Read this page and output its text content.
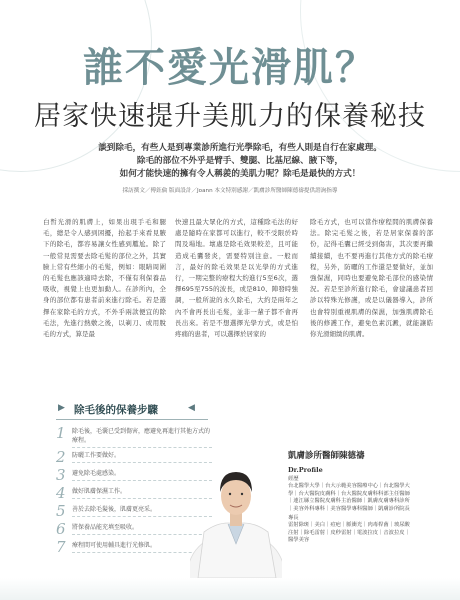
誰不愛光滑肌？
居家快速提升美肌力的保養秘技
談到除毛，有些人是到專業診所進行光學除毛，有些人則是自行在家處理。
除毛的部位不外乎是臂手、雙腿、比基尼線、腋下等，
如何才能快速的擁有令人稱羨的美肌力呢？除毛是最快的方式！
採訪撰文／傅鈺倫 版面設計／Joann 本文特別感謝／凱膚診所醫師陳德禱提供諮詢指導
白皙光滑的肌膚上，如果出現手毛和腿毛，總是令人感到困擾，抬起手來看見腋下的除毛，都容易讓女性感到尷尬。除了一般常見需要去除毛髮的部位之外，其實臉上常有些細小的毛髮，例如：眼睛周圍的毛髮也應該適時去除，不僅有利保養品吸收，視覺上也更加動人。在診所內，全身的部位都有患者前來進行除毛。若是選擇在家除毛的方式，不外乎兩款便宜的除毛法，先進行熱敷之後，以剃刀、或用脫毛的方式，算是最
快速且最大眾化的方式，這種除毛法的好處是隨時在家都可以進行，較不受限於時間及場地。壞處是除毛效果較差，且可能造成毛囊發炎，需要特別注意。一般而言，最好的除毛效果是以光學的方式進行，一期完整的療程大約進行5至6次，選擇695至755的波長，或是810、陣發時強調，一般所說的永久除毛，大約是兩年之內不會再長出毛髮，並非一輩子都不會再長出來。若是不想選擇光學方式，或是怕疼痛的患者，可以選擇於居家的
除毛方式，也可以當作療程間的肌膚保養法。除完毛髮之後，若是居家保養的部份，記得毛囊已經受到傷害，其次要再繼續接續，也不要再進行其他方式的除毛療程，另外，防曬的工作還是要做好，並加強保濕，同時也要避免除毛部位的感染情況。若是至診所進行除毛，會建議患者回診以特殊光修護，或是以儀器導入，診所也會特別重視肌膚的保濕，加強肌膚除毛後的修護工作，避免色素沉澱，就能讓皓你光滑細緻的肌膚。
▶ 除毛後的保養步驟	◀
1 除毛後，毛囊已受到傷害，應避免再進行其他方式的療程。
2 防曬工作要做好。
3 避免除毛處感染。
4 做好肌膚保濕工作。
5 善於去除毛髮後，肌膚更亮采。
6 將保養品能充填至吸收。
7 療程間可使用輔具進行光修肌。
凱膚診所醫師陳德禱
Dr.Profile
經歷
台北醫學大學｜台大示範美容醫療中心｜台北醫學大學｜台大醫院皮膚科｜台大醫院皮膚科科部主任醫師｜連江縣立醫院皮膚科主治醫師｜凱膚皮膚專科診所｜美容外科專科｜美容醫學專科醫師｜凱膚診所院長
專長
雷射除斑｜美白｜痘疤｜脈衝光｜肉毒桿菌｜玻尿酸注射｜除毛雷射｜皮秒雷射｜電波拉皮｜音波拉皮｜醫學美容
